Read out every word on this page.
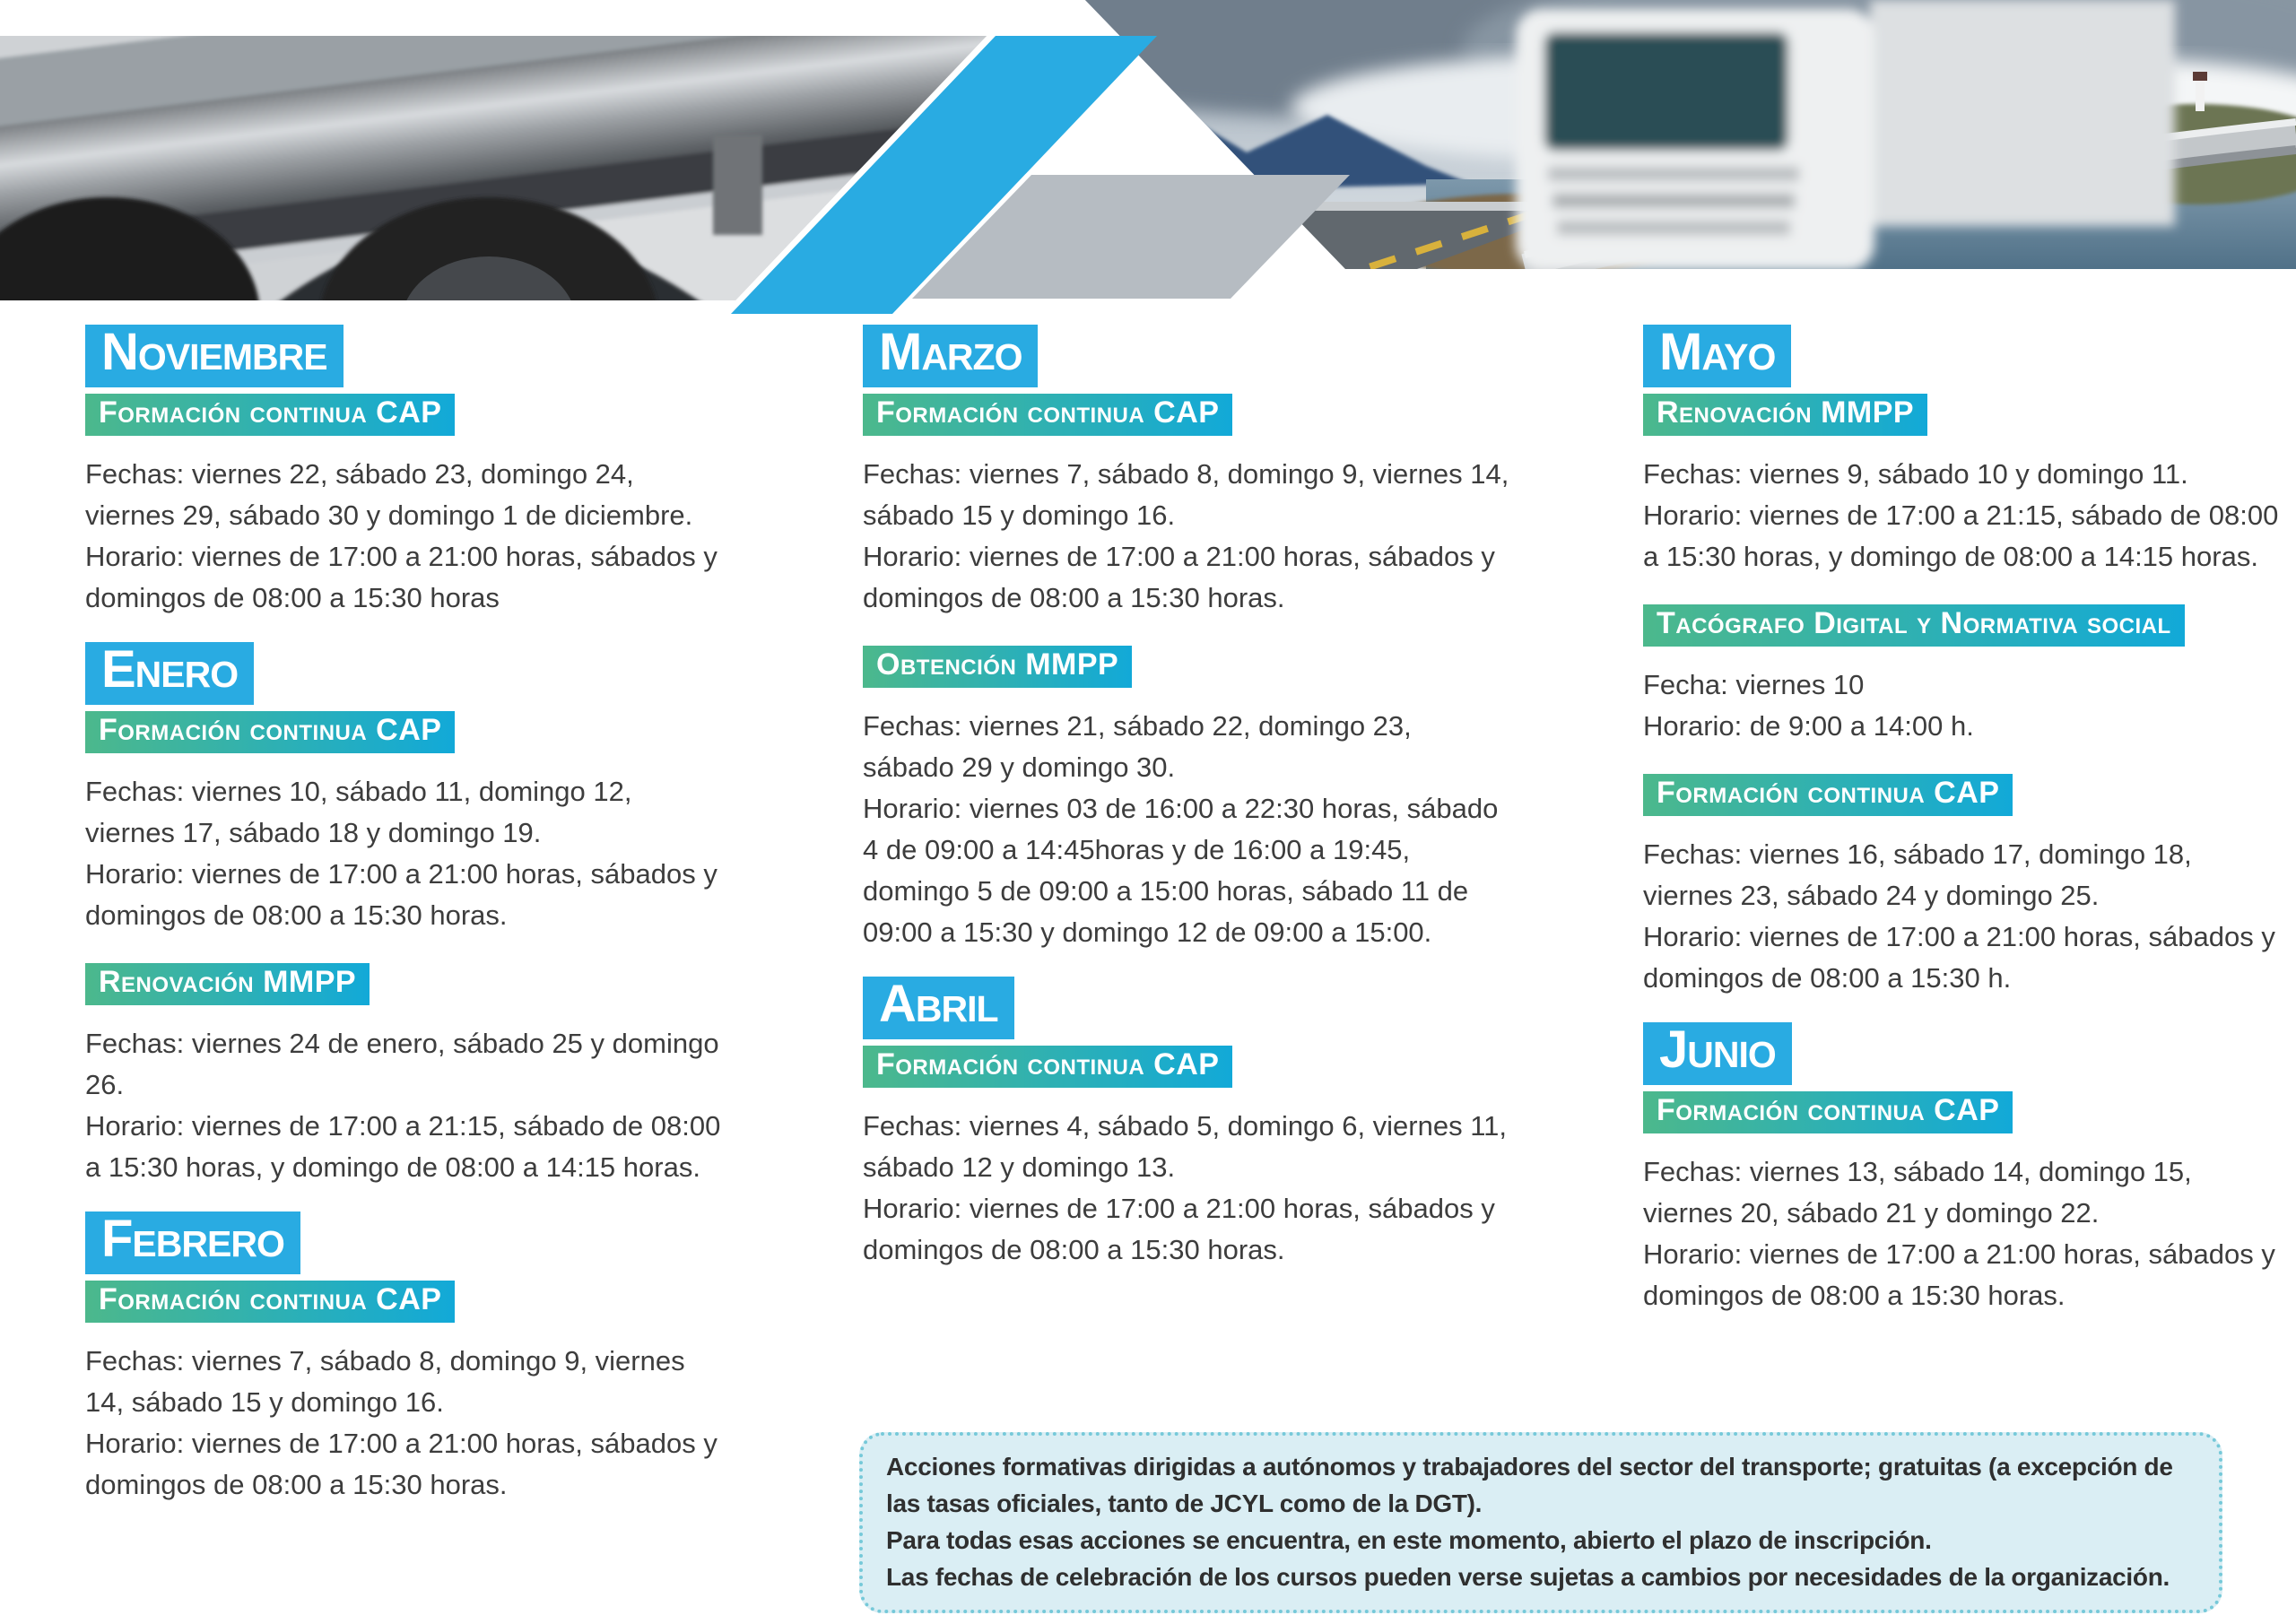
Noviembre
Formación continua CAP

Fechas: viernes 22, sábado 23, domingo 24, viernes 29, sábado 30 y domingo 1 de diciembre.

Horario: viernes de 17:00 a 21:00 horas, sábados y domingos de 08:00 a 15:30 horas

Enero
Formación continua CAP

Fechas: viernes 10, sábado 11, domingo 12, viernes 17, sábado 18 y domingo 19.

Horario: viernes de 17:00 a 21:00 horas, sábados y domingos de 08:00 a 15:30 horas.

Renovación MMPP

Fechas: viernes 24 de enero, sábado 25 y domingo 26.

Horario: viernes de 17:00 a 21:15, sábado de 08:00 a 15:30 horas, y domingo de 08:00 a 14:15 horas.

Febrero
Formación continua CAP

Fechas: viernes 7, sábado 8, domingo 9, viernes 14, sábado 15 y domingo 16.

Horario: viernes de 17:00 a 21:00 horas, sábados y domingos de 08:00 a 15:30 horas.

Marzo
Formación continua CAP

Fechas: viernes 7, sábado 8, domingo 9, viernes 14, sábado 15 y domingo 16.

Horario: viernes de 17:00 a 21:00 horas, sábados y domingos de 08:00 a 15:30 horas.

Obtención MMPP

Fechas: viernes 21, sábado 22, domingo 23, sábado 29 y domingo 30.

Horario: viernes 03 de 16:00 a 22:30 horas, sábado 4 de 09:00 a 14:45horas y de 16:00 a 19:45, domingo 5 de 09:00 a 15:00 horas, sábado 11 de 09:00 a 15:30 y domingo 12 de 09:00 a 15:00.

Abril
Formación continua CAP

Fechas: viernes 4, sábado 5, domingo 6, viernes 11, sábado 12 y domingo 13.

Horario: viernes de 17:00 a 21:00 horas, sábados y domingos de 08:00 a 15:30 horas.

Mayo
Renovación MMPP

Fechas: viernes 9, sábado 10 y domingo 11.

Horario: viernes de 17:00 a 21:15, sábado de 08:00 a 15:30 horas, y domingo de 08:00 a 14:15 horas.

Tacógrafo Digital y Normativa social

Fecha: viernes 10

Horario: de 9:00 a 14:00 h.

Formación continua CAP

Fechas: viernes 16, sábado 17, domingo 18, viernes 23, sábado 24 y domingo 25.

Horario: viernes de 17:00 a 21:00 horas, sábados y domingos de 08:00 a 15:30 h.

Junio
Formación continua CAP

Fechas: viernes 13, sábado 14, domingo 15, viernes 20, sábado 21 y domingo 22.

Horario: viernes de 17:00 a 21:00 horas, sábados y domingos de 08:00 a 15:30 horas.

Acciones formativas dirigidas a autónomos y trabajadores del sector del transporte; gratuitas (a excepción de las tasas oficiales, tanto de JCYL como de la DGT).

Para todas esas acciones se encuentra, en este momento, abierto el plazo de inscripción.

Las fechas de celebración de los cursos pueden verse sujetas a cambios por necesidades de la organización.
